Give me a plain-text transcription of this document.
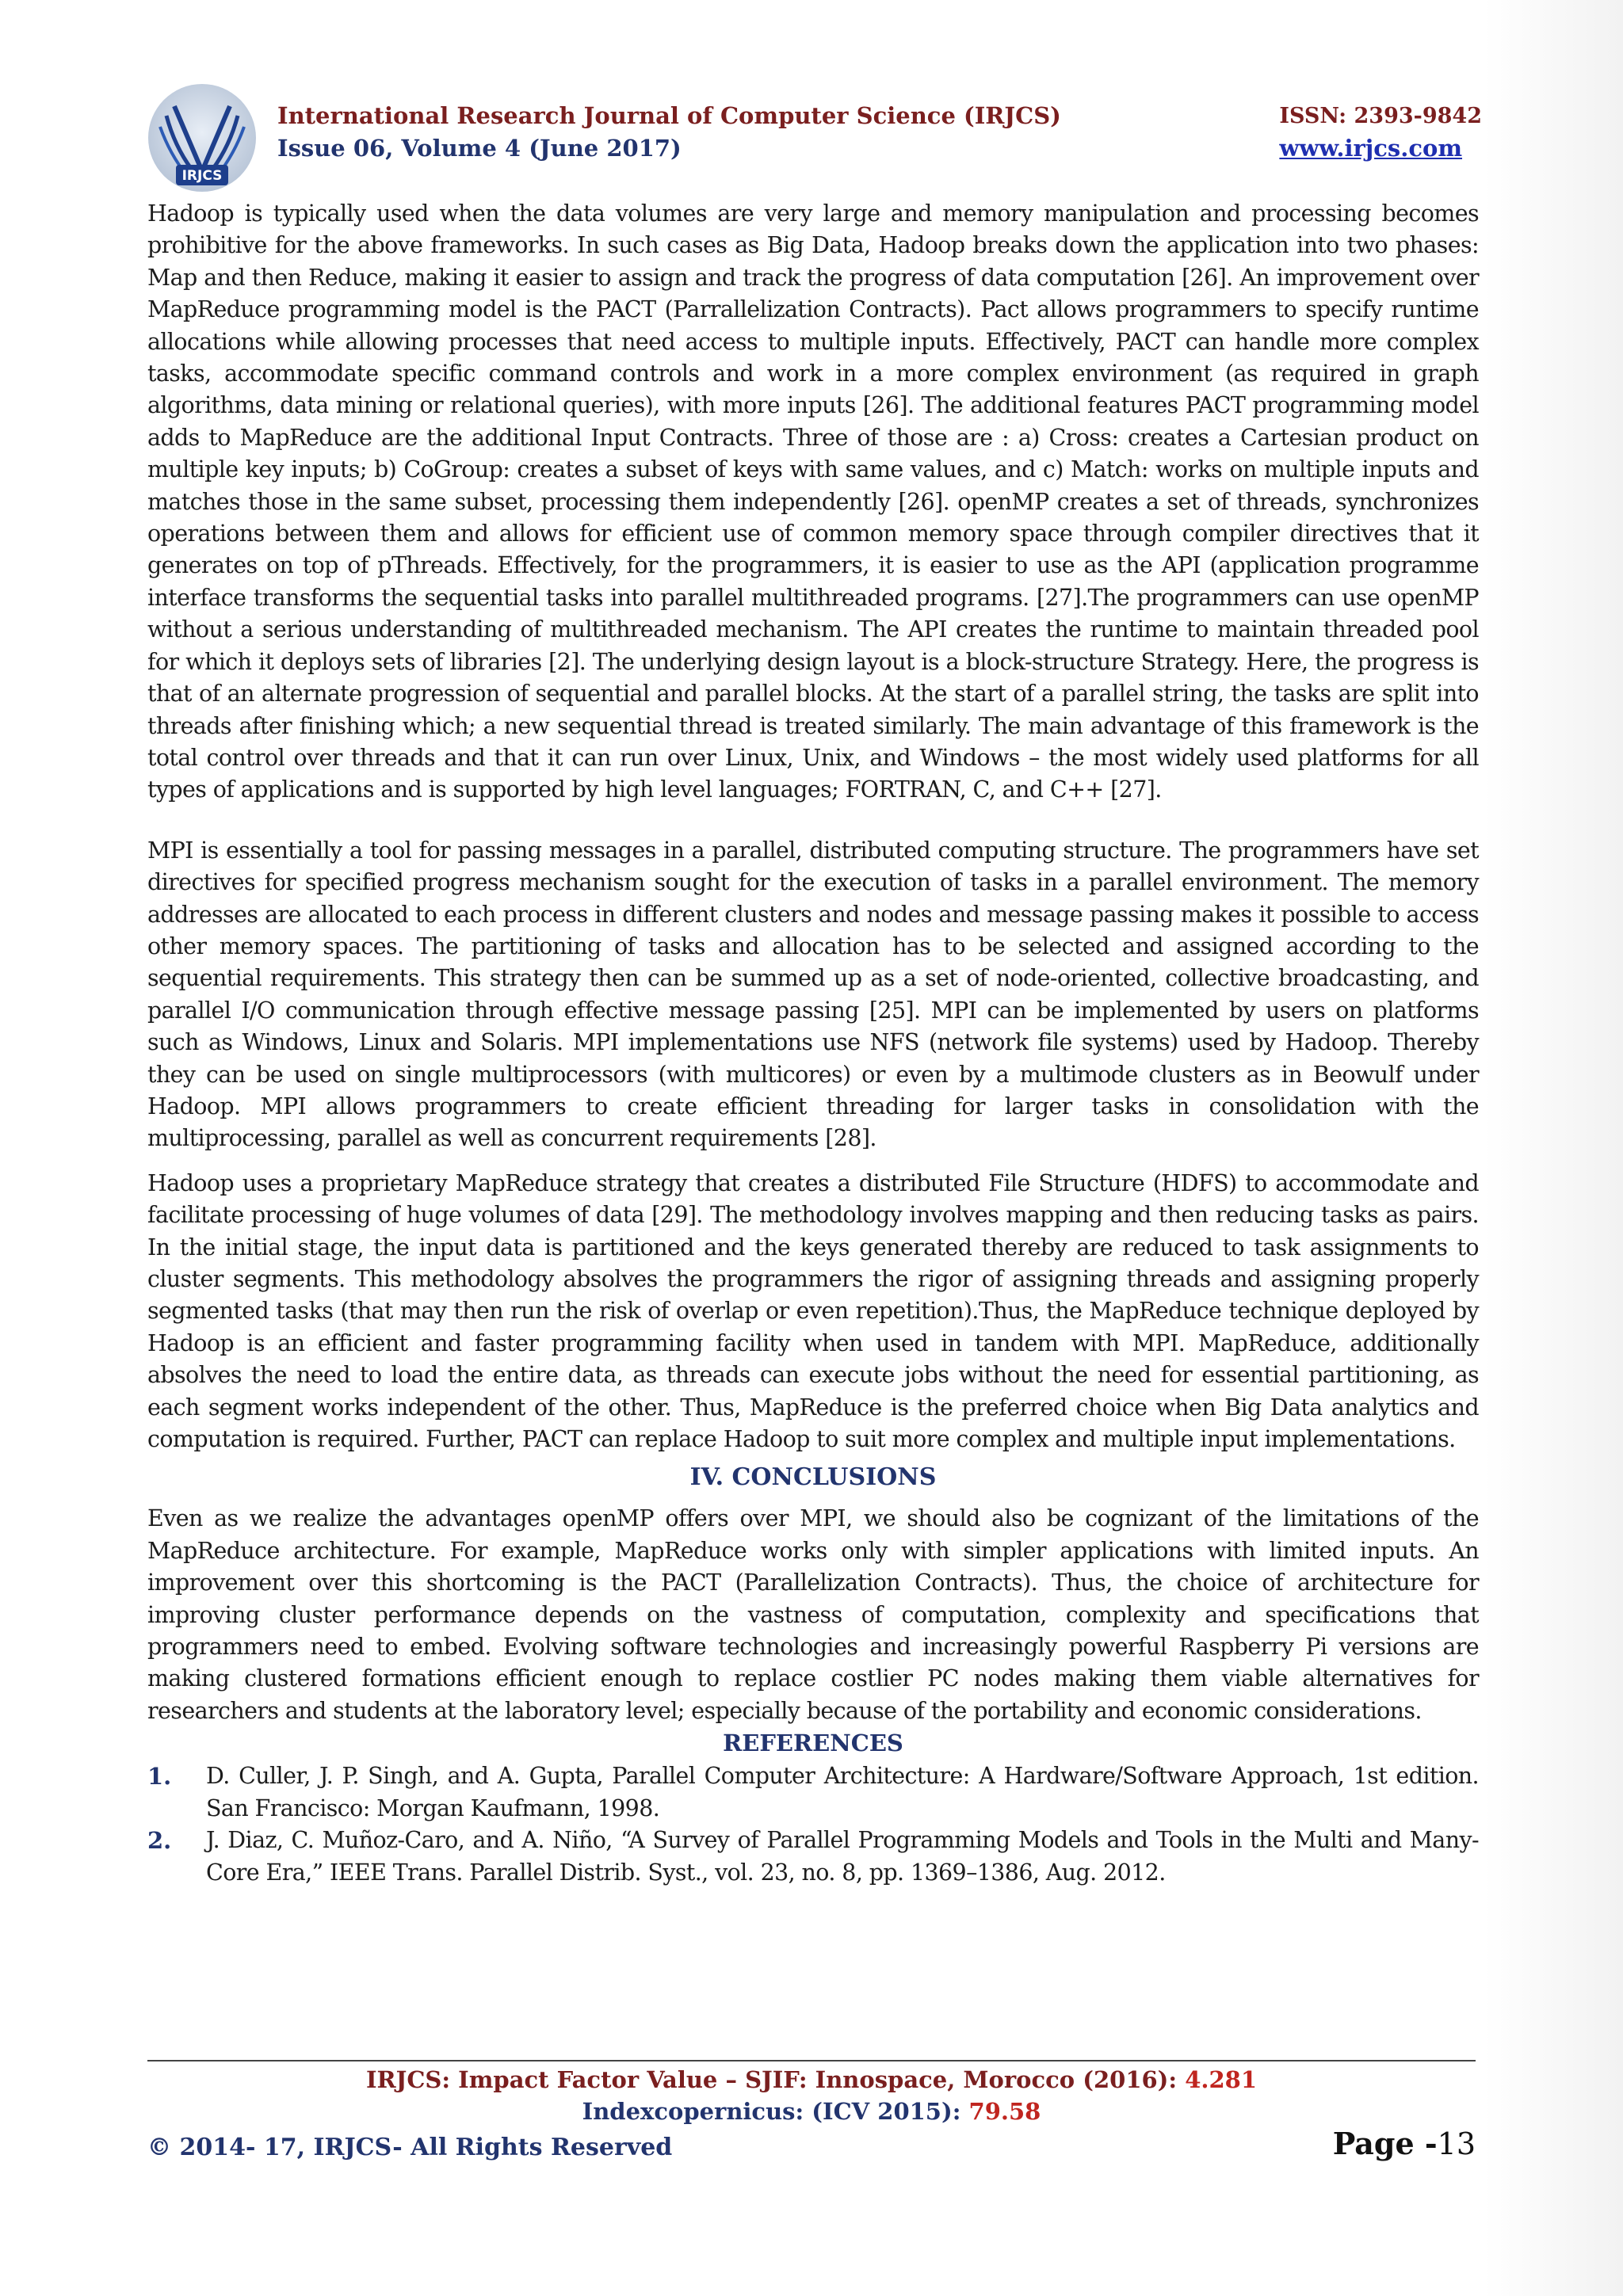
IRJCS
International Research Journal of Computer Science (IRJCS)
Issue 06, Volume 4 (June 2017)
ISSN: 2393-9842
www.irjcs.com

Hadoop is typically used when the data volumes are very large and memory manipulation and processing becomes prohibitive for the above frameworks. In such cases as Big Data, Hadoop breaks down the application into two phases: Map and then Reduce, making it easier to assign and track the progress of data computation [26]. An improvement over MapReduce programming model is the PACT (Parrallelization Contracts). Pact allows programmers to specify runtime allocations while allowing processes that need access to multiple inputs. Effectively, PACT can handle more complex tasks, accommodate specific command controls and work in a more complex environment (as required in graph algorithms, data mining or relational queries), with more inputs [26]. The additional features PACT programming model adds to MapReduce are the additional Input Contracts. Three of those are : a) Cross: creates a Cartesian product on multiple key inputs; b) CoGroup: creates a subset of keys with same values, and c) Match: works on multiple inputs and matches those in the same subset, processing them independently [26]. openMP creates a set of threads, synchronizes operations between them and allows for efficient use of common memory space through compiler directives that it generates on top of pThreads. Effectively, for the programmers, it is easier to use as the API (application programme interface transforms the sequential tasks into parallel multithreaded programs. [27].The programmers can use openMP without a serious understanding of multithreaded mechanism. The API creates the runtime to maintain threaded pool for which it deploys sets of libraries [2]. The underlying design layout is a block-structure Strategy. Here, the progress is that of an alternate progression of sequential and parallel blocks. At the start of a parallel string, the tasks are split into threads after finishing which; a new sequential thread is treated similarly. The main advantage of this framework is the total control over threads and that it can run over Linux, Unix, and Windows – the most widely used platforms for all types of applications and is supported by high level languages; FORTRAN, C, and C++ [27].

MPI is essentially a tool for passing messages in a parallel, distributed computing structure. The programmers have set directives for specified progress mechanism sought for the execution of tasks in a parallel environment. The memory addresses are allocated to each process in different clusters and nodes and message passing makes it possible to access other memory spaces. The partitioning of tasks and allocation has to be selected and assigned according to the sequential requirements. This strategy then can be summed up as a set of node-oriented, collective broadcasting, and parallel I/O communication through effective message passing [25]. MPI can be implemented by users on platforms such as Windows, Linux and Solaris. MPI implementations use NFS (network file systems) used by Hadoop. Thereby they can be used on single multiprocessors (with multicores) or even by a multimode clusters as in Beowulf under Hadoop. MPI allows programmers to create efficient threading for larger tasks in consolidation with the multiprocessing, parallel as well as concurrent requirements [28].

Hadoop uses a proprietary MapReduce strategy that creates a distributed File Structure (HDFS) to accommodate and facilitate processing of huge volumes of data [29]. The methodology involves mapping and then reducing tasks as pairs. In the initial stage, the input data is partitioned and the keys generated thereby are reduced to task assignments to cluster segments. This methodology absolves the programmers the rigor of assigning threads and assigning properly segmented tasks (that may then run the risk of overlap or even repetition).Thus, the MapReduce technique deployed by Hadoop is an efficient and faster programming facility when used in tandem with MPI. MapReduce, additionally absolves the need to load the entire data, as threads can execute jobs without the need for essential partitioning, as each segment works independent of the other. Thus, MapReduce is the preferred choice when Big Data analytics and computation is required. Further, PACT can replace Hadoop to suit more complex and multiple input implementations.

IV. CONCLUSIONS

Even as we realize the advantages openMP offers over MPI, we should also be cognizant of the limitations of the MapReduce architecture. For example, MapReduce works only with simpler applications with limited inputs. An improvement over this shortcoming is the PACT (Parallelization Contracts). Thus, the choice of architecture for improving cluster performance depends on the vastness of computation, complexity and specifications that programmers need to embed. Evolving software technologies and increasingly powerful Raspberry Pi versions are making clustered formations efficient enough to replace costlier PC nodes making them viable alternatives for researchers and students at the laboratory level; especially because of the portability and economic considerations.

REFERENCES
1. D. Culler, J. P. Singh, and A. Gupta, Parallel Computer Architecture: A Hardware/Software Approach, 1st edition. San Francisco: Morgan Kaufmann, 1998.

2. J. Diaz, C. Muñoz-Caro, and A. Niño, “A Survey of Parallel Programming Models and Tools in the Multi and Many-Core Era,” IEEE Trans. Parallel Distrib. Syst., vol. 23, no. 8, pp. 1369–1386, Aug. 2012.

IRJCS: Impact Factor Value – SJIF: Innospace, Morocco (2016): 4.281
Indexcopernicus: (ICV 2015): 79.58
© 2014- 17, IRJCS- All Rights Reserved	Page -13
